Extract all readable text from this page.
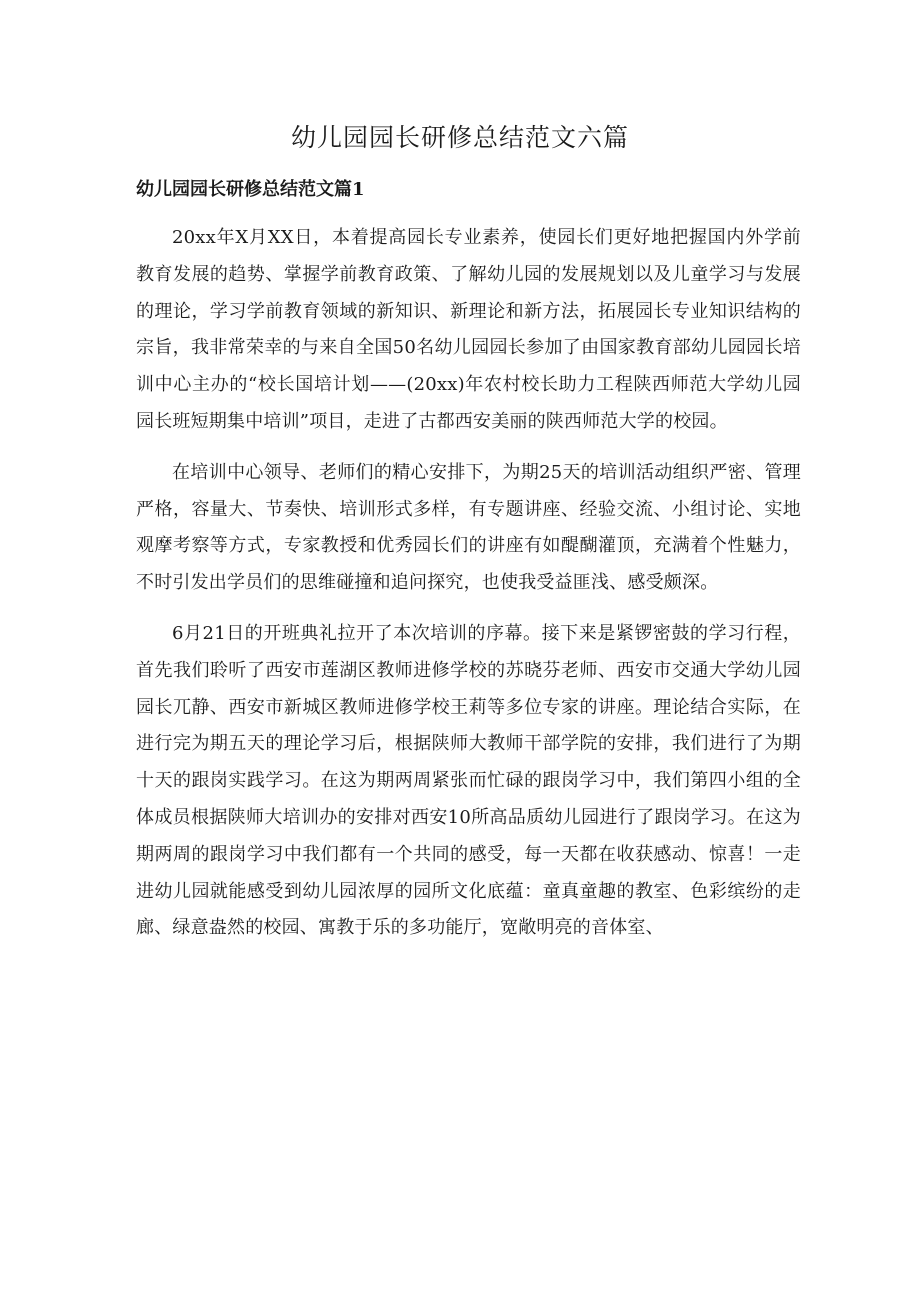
幼儿园园长研修总结范文六篇
幼儿园园长研修总结范文篇1

20xx年X月XX日，本着提高园长专业素养，使园长们更好地把握国内外学前教育发展的趋势、掌握学前教育政策、了解幼儿园的发展规划以及儿童学习与发展的理论，学习学前教育领域的新知识、新理论和新方法，拓展园长专业知识结构的宗旨，我非常荣幸的与来自全国50名幼儿园园长参加了由国家教育部幼儿园园长培训中心主办的“校长国培计划——(20xx)年农村校长助力工程陕西师范大学幼儿园园长班短期集中培训”项目，走进了古都西安美丽的陕西师范大学的校园。

在培训中心领导、老师们的精心安排下，为期25天的培训活动组织严密、管理严格，容量大、节奏快、培训形式多样，有专题讲座、经验交流、小组讨论、实地观摩考察等方式，专家教授和优秀园长们的讲座有如醍醐灌顶，充满着个性魅力，不时引发出学员们的思维碰撞和追问探究，也使我受益匪浅、感受颇深。

6月21日的开班典礼拉开了本次培训的序幕。接下来是紧锣密鼓的学习行程，首先我们聆听了西安市莲湖区教师进修学校的苏晓芬老师、西安市交通大学幼儿园园长兀静、西安市新城区教师进修学校王莉等多位专家的讲座。理论结合实际，在进行完为期五天的理论学习后，根据陕师大教师干部学院的安排，我们进行了为期十天的跟岗实践学习。在这为期两周紧张而忙碌的跟岗学习中，我们第四小组的全体成员根据陕师大培训办的安排对西安10所高品质幼儿园进行了跟岗学习。在这为期两周的跟岗学习中我们都有一个共同的感受，每一天都在收获感动、惊喜！一走进幼儿园就能感受到幼儿园浓厚的园所文化底蕴：童真童趣的教室、色彩缤纷的走廊、绿意盎然的校园、寓教于乐的多功能厅，宽敞明亮的音体室、
